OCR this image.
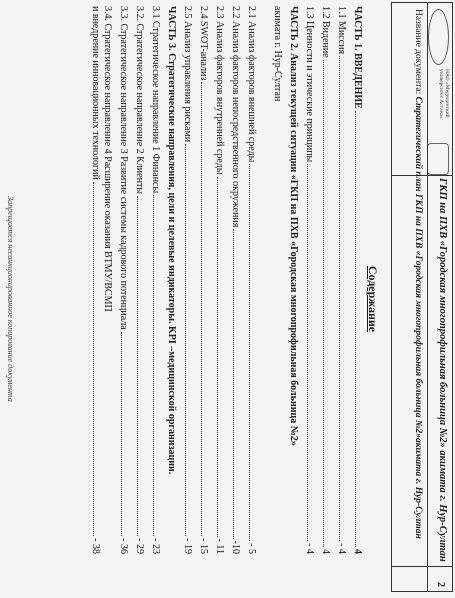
НАО «Медицинский университет Астана»
ГКП на ПХВ «Городская многопрофильная больница №2» акимата г. Нур-Султан
2
Название документа: Стратегический план ГКП на ПХВ «Городская многопрофильная больница №2»акимата г. Нур-Султан
Содержание
ЧАСТЬ 1. ВВЕДЕНИЕ
4
1.1 Миссия
- 4
1.2 Видение
4
1.3 Ценности и этические принципы
- 4
ЧАСТЬ 2. Анализ текущей ситуации «ГКП на ПХВ «Городская многопрофильная больница №2»
акимата г. Нур-Султан
2.1 Анализ факторов внешней среды
- 5
2.2 Анализ факторов непосредственного окружения
-10
2.3 Анализ факторов внутренней среды
- 11
2.4 SWOT-анализ
- 15
2.5 Анализ управления рисками
- 19
ЧАСТЬ 3. Стратегические направления, цели и целевые индикаторы. KPI –медицинской организации.
3.1 Стратегическое направление 1 Финансы
- 23
3.2. Стратегическое направление 2 Клиенты
- 29
3.3. Стратегическое направление 3 Развитие системы кадрового потенциала
- 36
3.4. Стратегическое направление 4 Расширение оказания ВТМУ/ВСМП
и внедрение инновационных технологий
- 38
Запрещается несанкционированное копирование документа
